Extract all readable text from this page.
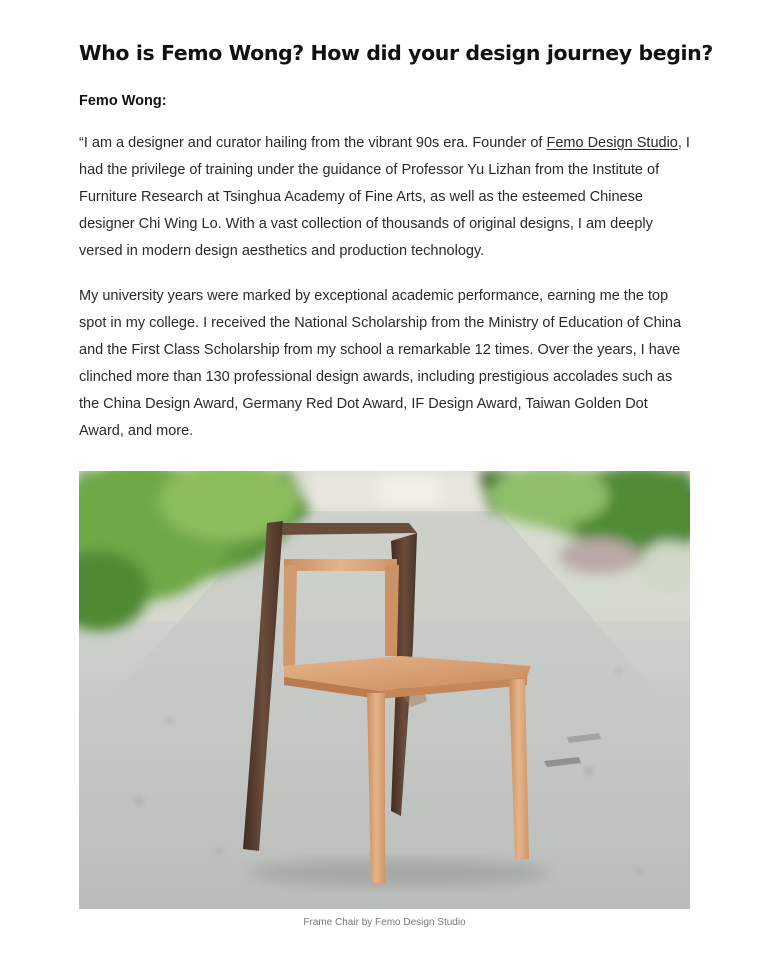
Who is Femo Wong? How did your design journey begin?

Femo Wong:

“I am a designer and curator hailing from the vibrant 90s era. Founder of Femo Design Studio, I had the privilege of training under the guidance of Professor Yu Lizhan from the Institute of Furniture Research at Tsinghua Academy of Fine Arts, as well as the esteemed Chinese designer Chi Wing Lo. With a vast collection of thousands of original designs, I am deeply versed in modern design aesthetics and production technology.

My university years were marked by exceptional academic performance, earning me the top spot in my college. I received the National Scholarship from the Ministry of Education of China and the First Class Scholarship from my school a remarkable 12 times. Over the years, I have clinched more than 130 professional design awards, including prestigious accolades such as the China Design Award, Germany Red Dot Award, IF Design Award, Taiwan Golden Dot Award, and more.

Frame Chair by Femo Design Studio
